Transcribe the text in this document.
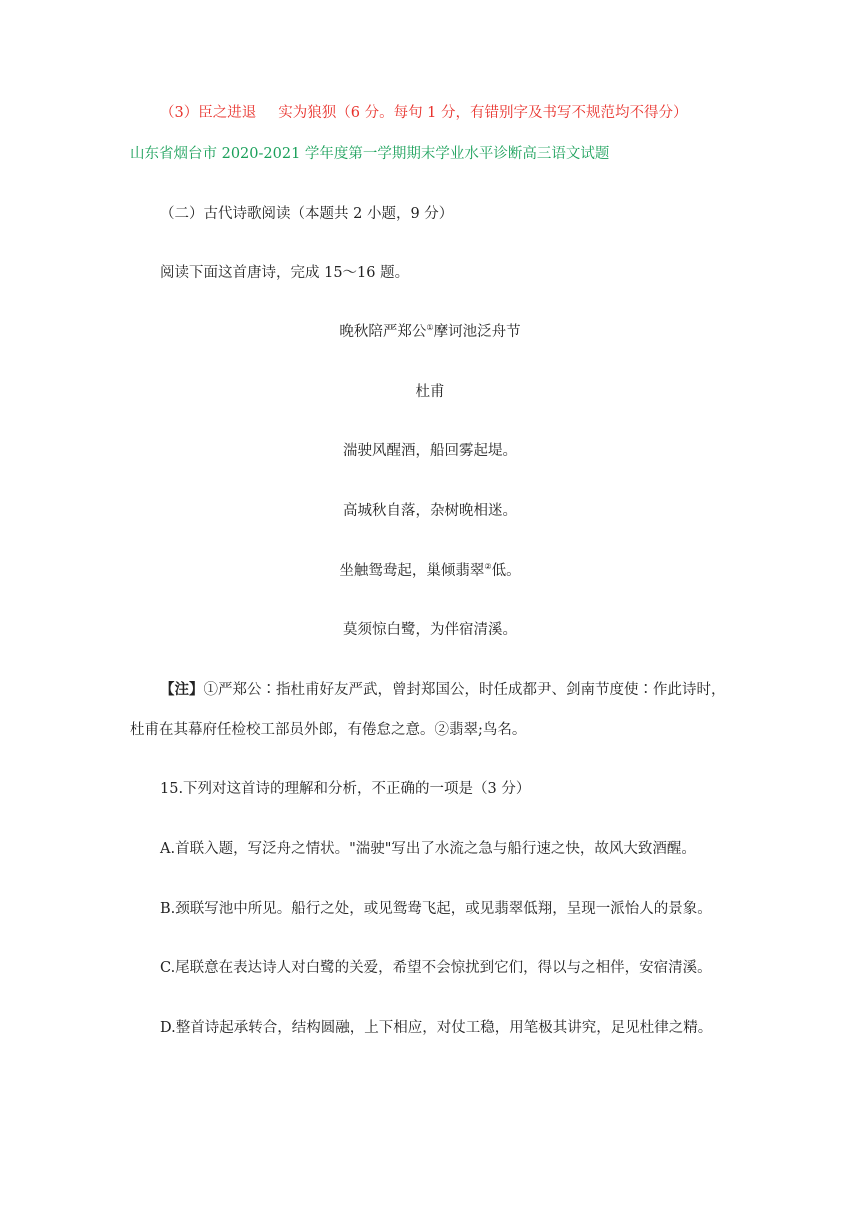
（3）臣之进退 实为狼狈（6 分。每句 1 分，有错别字及书写不规范均不得分）
山东省烟台市 2020-2021 学年度第一学期期末学业水平诊断高三语文试题
（二）古代诗歌阅读（本题共 2 小题，9 分）
阅读下面这首唐诗，完成 15～16 题。
晚秋陪严郑公①摩诃池泛舟节
杜甫
湍驶风醒酒，船回雾起堤。
高城秋自落，杂树晚相迷。
坐触鸳鸯起，巢倾翡翠②低。
莫须惊白鹭，为伴宿清溪。
【注】①严郑公∶指杜甫好友严武，曾封郑国公，时任成都尹、剑南节度使∶作此诗时，
杜甫在其幕府任检校工部员外郎，有倦怠之意。②翡翠;鸟名。
15.下列对这首诗的理解和分析，不正确的一项是（3 分）
A.首联入题，写泛舟之情状。"湍驶"写出了水流之急与船行速之快，故风大致酒醒。
B.颈联写池中所见。船行之处，或见鸳鸯飞起，或见翡翠低翔，呈现一派怡人的景象。
C.尾联意在表达诗人对白鹭的关爱，希望不会惊扰到它们，得以与之相伴，安宿清溪。
D.整首诗起承转合，结构圆融，上下相应，对仗工稳，用笔极其讲究，足见杜律之精。
